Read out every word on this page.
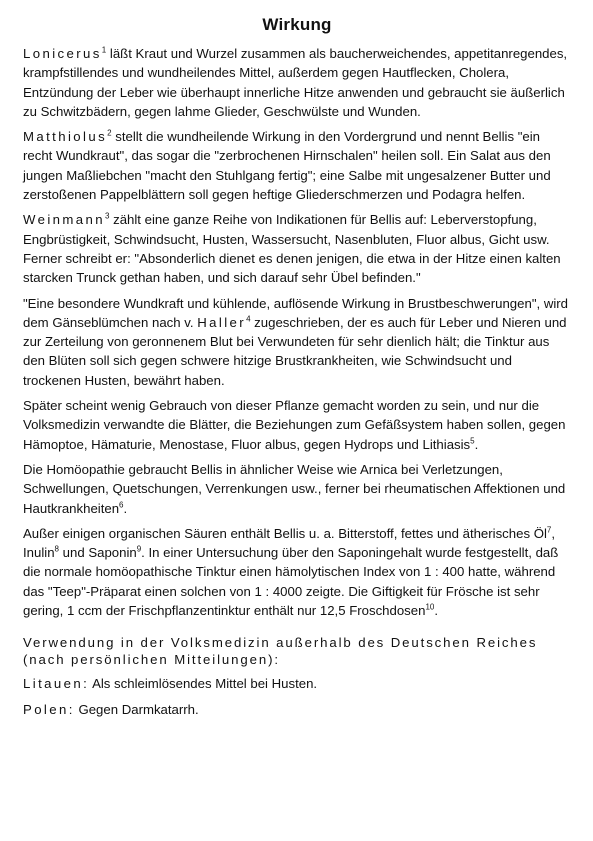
Wirkung

Lonicerus$^1$ läßt Kraut und Wurzel zusammen als baucherweichendes, appetitanregendes, krampfstillendes und wundheilendes Mittel, außerdem gegen Hautflecken, Cholera, Entzündung der Leber wie überhaupt innerliche Hitze anwenden und gebraucht sie äußerlich zu Schwitzbädern, gegen lahme Glieder, Geschwülste und Wunden.

Matthiolus$^2$ stellt die wundheilende Wirkung in den Vordergrund und nennt Bellis "ein recht Wundkraut", das sogar die "zerbrochenen Hirnschalen" heilen soll. Ein Salat aus den jungen Maßliebchen "macht den Stuhlgang fertig"; eine Salbe mit ungesalzener Butter und zerstoßenen Pappelblättern soll gegen heftige Gliederschmerzen und Podagra helfen.

Weinmann$^3$ zählt eine ganze Reihe von Indikationen für Bellis auf: Leberverstopfung, Engbrüstigkeit, Schwindsucht, Husten, Wassersucht, Nasenbluten, Fluor albus, Gicht usw. Ferner schreibt er: "Absonderlich dienet es denen jenigen, die etwa in der Hitze einen kalten starcken Trunck gethan haben, und sich darauf sehr Übel befinden."

"Eine besondere Wundkraft und kühlende, auflösende Wirkung in Brustbeschwerungen", wird dem Gänseblümchen nach v. Haller$^4$ zugeschrieben, der es auch für Leber und Nieren und zur Zerteilung von geronnenem Blut bei Verwundeten für sehr dienlich hält; die Tinktur aus den Blüten soll sich gegen schwere hitzige Brustkrankheiten, wie Schwindsucht und trockenen Husten, bewährt haben.

Später scheint wenig Gebrauch von dieser Pflanze gemacht worden zu sein, und nur die Volksmedizin verwandte die Blätter, die Beziehungen zum Gefäßsystem haben sollen, gegen Hämoptoe, Hämaturie, Menostase, Fluor albus, gegen Hydrops und Lithiasis$^5$.

Die Homöopathie gebraucht Bellis in ähnlicher Weise wie Arnica bei Verletzungen, Schwellungen, Quetschungen, Verrenkungen usw., ferner bei rheumatischen Affektionen und Hautkrankheiten$^6$.

Außer einigen organischen Säuren enthält Bellis u. a. Bitterstoff, fettes und ätherisches $Öl^7$, Inulin$^8$ und Saponin$^9$. In einer Untersuchung über den Saponingehalt wurde festgestellt, daß die normale homöopathische Tinktur einen hämolytischen Index von 1 : 400 hatte, während das "Teep"-Präparat einen solchen von 1 : 4000 zeigte. Die Giftigkeit für Frösche ist sehr gering, 1 ccm der Frischpflanzentinktur enthält nur 12,5 Froschdosen$^{10}$.

Verwendung in der Volksmedizin außerhalb des Deutschen Reiches (nach persönlichen Mitteilungen):

Litauen: Als schleimlösendes Mittel bei Husten.

Polen: Gegen Darmkatarrh.
